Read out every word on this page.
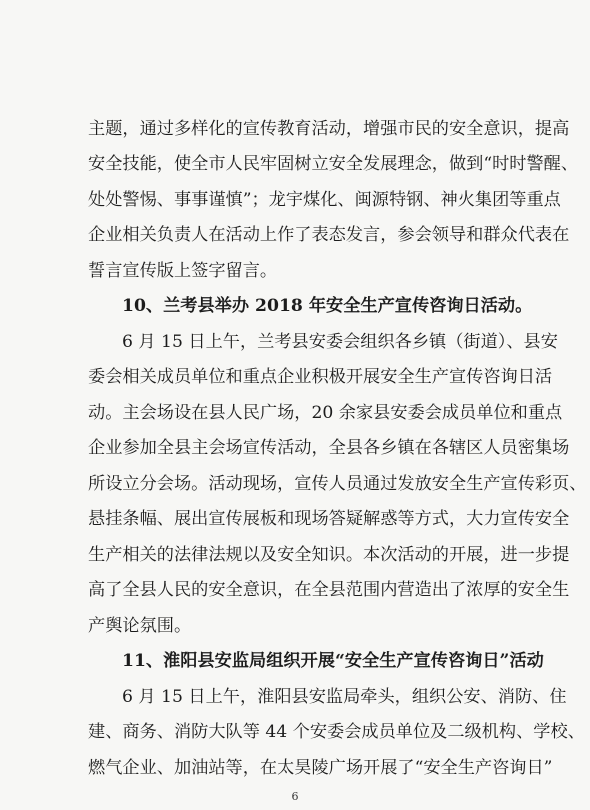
主题，通过多样化的宣传教育活动，增强市民的安全意识，提高
安全技能，使全市人民牢固树立安全发展理念，做到“时时警醒、
处处警惕、事事谨慎”；龙宇煤化、闽源特钢、神火集团等重点
企业相关负责人在活动上作了表态发言，参会领导和群众代表在
誓言宣传版上签字留言。
10、兰考县举办 2018 年安全生产宣传咨询日活动。
6 月 15 日上午，兰考县安委会组织各乡镇（街道）、县安
委会相关成员单位和重点企业积极开展安全生产宣传咨询日活
动。主会场设在县人民广场，20 余家县安委会成员单位和重点
企业参加全县主会场宣传活动，全县各乡镇在各辖区人员密集场
所设立分会场。活动现场，宣传人员通过发放安全生产宣传彩页、
悬挂条幅、展出宣传展板和现场答疑解惑等方式，大力宣传安全
生产相关的法律法规以及安全知识。本次活动的开展，进一步提
高了全县人民的安全意识，在全县范围内营造出了浓厚的安全生
产舆论氛围。
11、淮阳县安监局组织开展“安全生产宣传咨询日”活动
6 月 15 日上午，淮阳县安监局牵头，组织公安、消防、住
建、商务、消防大队等 44 个安委会成员单位及二级机构、学校、
燃气企业、加油站等，在太昊陵广场开展了“安全生产咨询日”
6
